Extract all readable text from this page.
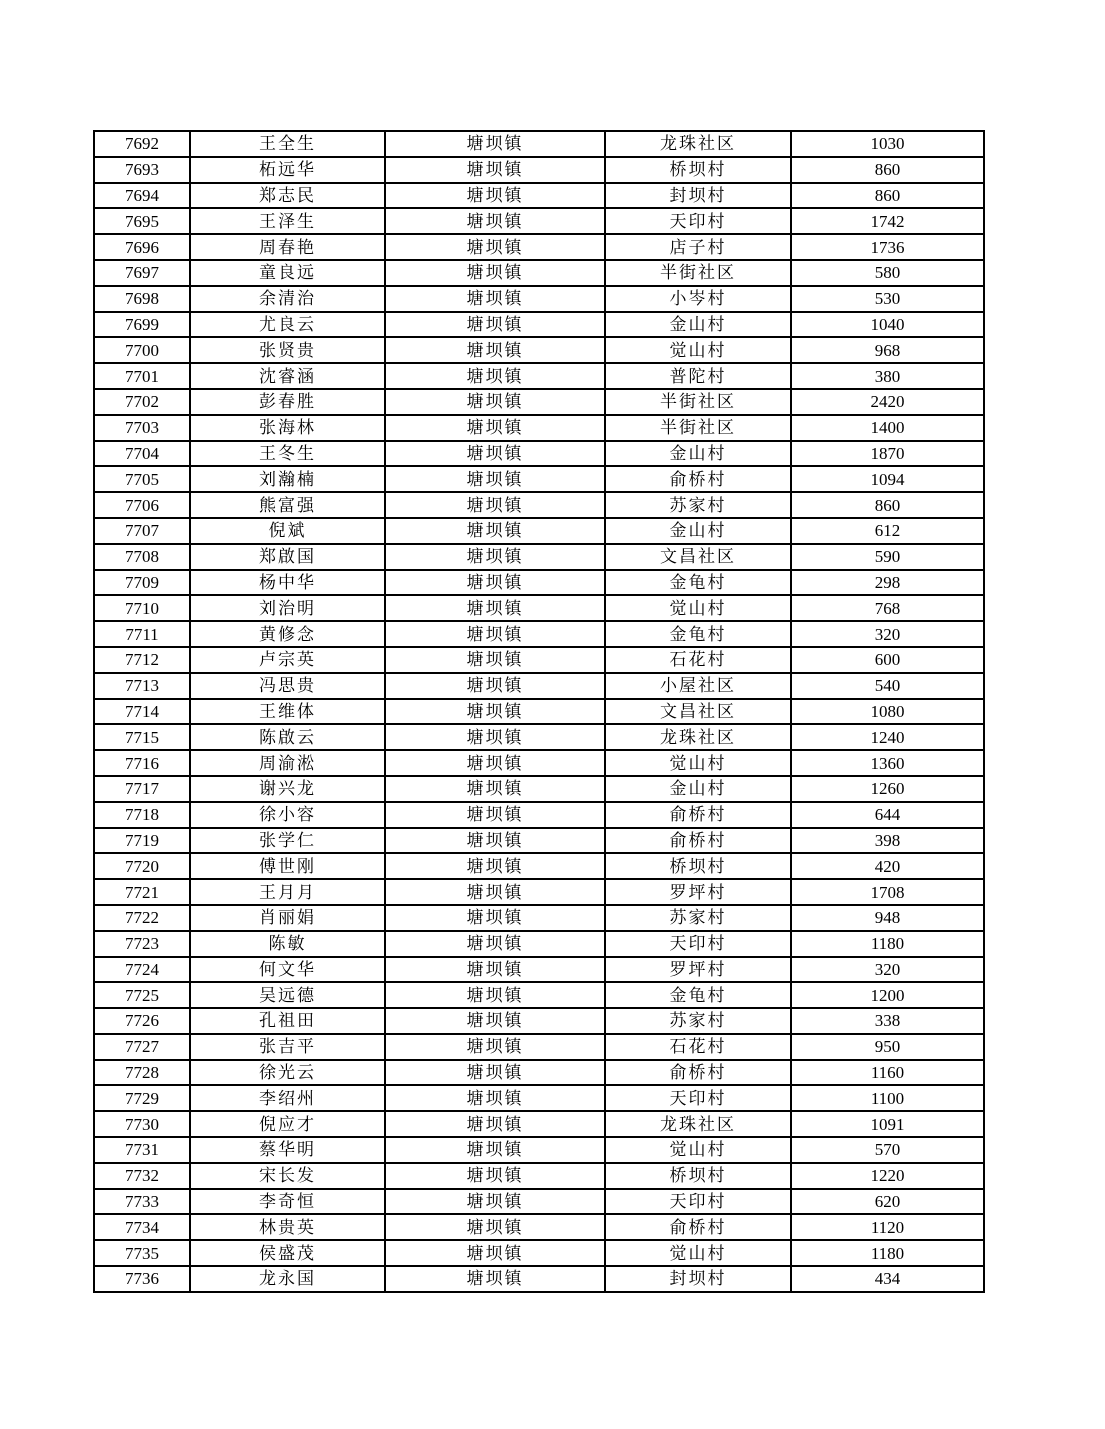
7692	王全生	塘坝镇	龙珠社区	1030
7693	柘远华	塘坝镇	桥坝村	860
7694	郑志民	塘坝镇	封坝村	860
7695	王泽生	塘坝镇	天印村	1742
7696	周春艳	塘坝镇	店子村	1736
7697	童良远	塘坝镇	半街社区	580
7698	余清治	塘坝镇	小岑村	530
7699	尤良云	塘坝镇	金山村	1040
7700	张贤贵	塘坝镇	觉山村	968
7701	沈睿涵	塘坝镇	普陀村	380
7702	彭春胜	塘坝镇	半街社区	2420
7703	张海林	塘坝镇	半街社区	1400
7704	王冬生	塘坝镇	金山村	1870
7705	刘瀚楠	塘坝镇	俞桥村	1094
7706	熊富强	塘坝镇	苏家村	860
7707	倪斌	塘坝镇	金山村	612
7708	郑啟国	塘坝镇	文昌社区	590
7709	杨中华	塘坝镇	金龟村	298
7710	刘治明	塘坝镇	觉山村	768
7711	黄修念	塘坝镇	金龟村	320
7712	卢宗英	塘坝镇	石花村	600
7713	冯思贵	塘坝镇	小屋社区	540
7714	王维体	塘坝镇	文昌社区	1080
7715	陈啟云	塘坝镇	龙珠社区	1240
7716	周渝淞	塘坝镇	觉山村	1360
7717	谢兴龙	塘坝镇	金山村	1260
7718	徐小容	塘坝镇	俞桥村	644
7719	张学仁	塘坝镇	俞桥村	398
7720	傅世刚	塘坝镇	桥坝村	420
7721	王月月	塘坝镇	罗坪村	1708
7722	肖丽娟	塘坝镇	苏家村	948
7723	陈敏	塘坝镇	天印村	1180
7724	何文华	塘坝镇	罗坪村	320
7725	吴远德	塘坝镇	金龟村	1200
7726	孔祖田	塘坝镇	苏家村	338
7727	张吉平	塘坝镇	石花村	950
7728	徐光云	塘坝镇	俞桥村	1160
7729	李绍州	塘坝镇	天印村	1100
7730	倪应才	塘坝镇	龙珠社区	1091
7731	蔡华明	塘坝镇	觉山村	570
7732	宋长发	塘坝镇	桥坝村	1220
7733	李奇恒	塘坝镇	天印村	620
7734	林贵英	塘坝镇	俞桥村	1120
7735	侯盛茂	塘坝镇	觉山村	1180
7736	龙永国	塘坝镇	封坝村	434
